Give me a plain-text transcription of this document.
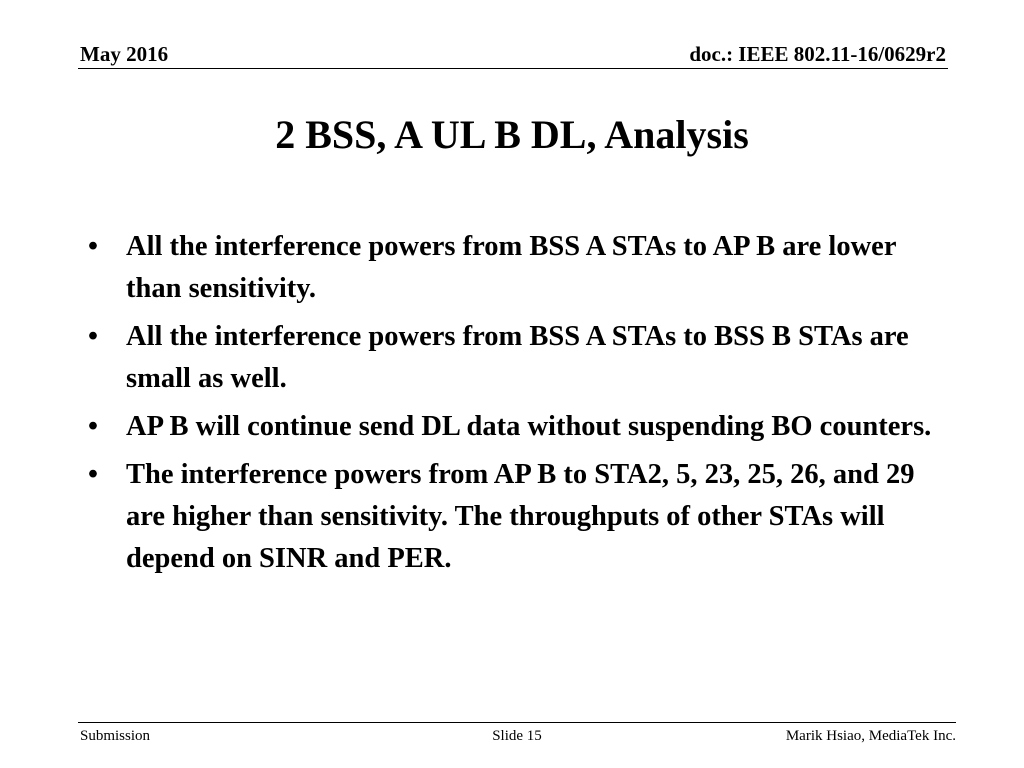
May 2016	doc.: IEEE 802.11-16/0629r2
2 BSS, A UL B DL, Analysis
• All the interference powers from BSS A STAs to AP B are lower than sensitivity.
• All the interference powers from BSS A STAs to BSS B STAs are small as well.
• AP B will continue send DL data without suspending BO counters.
• The interference powers from AP B to STA2, 5, 23, 25, 26, and 29 are higher than sensitivity. The throughputs of other STAs will depend on SINR and PER.
Submission	Slide 15	Marik Hsiao, MediaTek Inc.
